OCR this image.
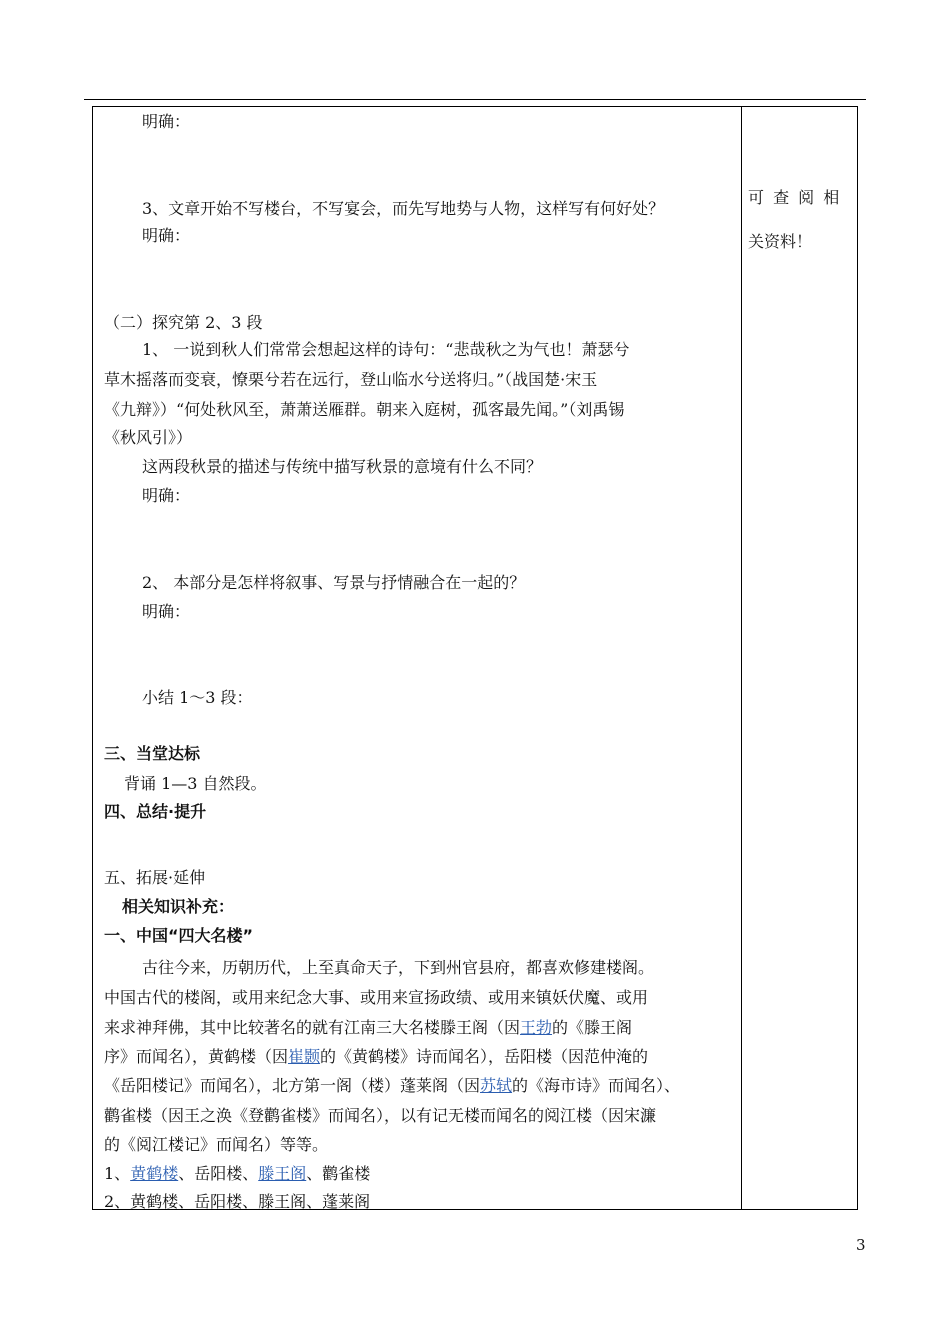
明确：
3、文章开始不写楼台，不写宴会，而先写地势与人物，这样写有何好处？
明确：
（二）探究第 2、3 段
1、 一说到秋人们常常会想起这样的诗句：“悲哉秋之为气也！萧瑟兮
草木摇落而变衰，憭栗兮若在远行，登山临水兮送将归。”（战国楚·宋玉
《九辩》）“何处秋风至，萧萧送雁群。朝来入庭树，孤客最先闻。”（刘禹锡
《秋风引》）
这两段秋景的描述与传统中描写秋景的意境有什么不同？
明确：
2、 本部分是怎样将叙事、写景与抒情融合在一起的？
明确：
小结 1～3 段：
三、当堂达标
背诵 1—3 自然段。
四、总结·提升
五、拓展·延伸
相关知识补充：
一、中国“四大名楼”
古往今来，历朝历代，上至真命天子，下到州官县府，都喜欢修建楼阁。
中国古代的楼阁，或用来纪念大事、或用来宣扬政绩、或用来镇妖伏魔、或用
来求神拜佛，其中比较著名的就有江南三大名楼滕王阁（因王勃的《滕王阁
序》而闻名），黄鹤楼（因崔颢的《黄鹤楼》诗而闻名），岳阳楼（因范仲淹的
《岳阳楼记》而闻名），北方第一阁（楼）蓬莱阁（因苏轼的《海市诗》而闻名）、
鹳雀楼（因王之涣《登鹳雀楼》而闻名），以有记无楼而闻名的阅江楼（因宋濂
的《阅江楼记》而闻名）等等。
1、黄鹤楼、岳阳楼、滕王阁、鹳雀楼
2、黄鹤楼、岳阳楼、滕王阁、蓬莱阁
可 查 阅 相
关资料！
3
